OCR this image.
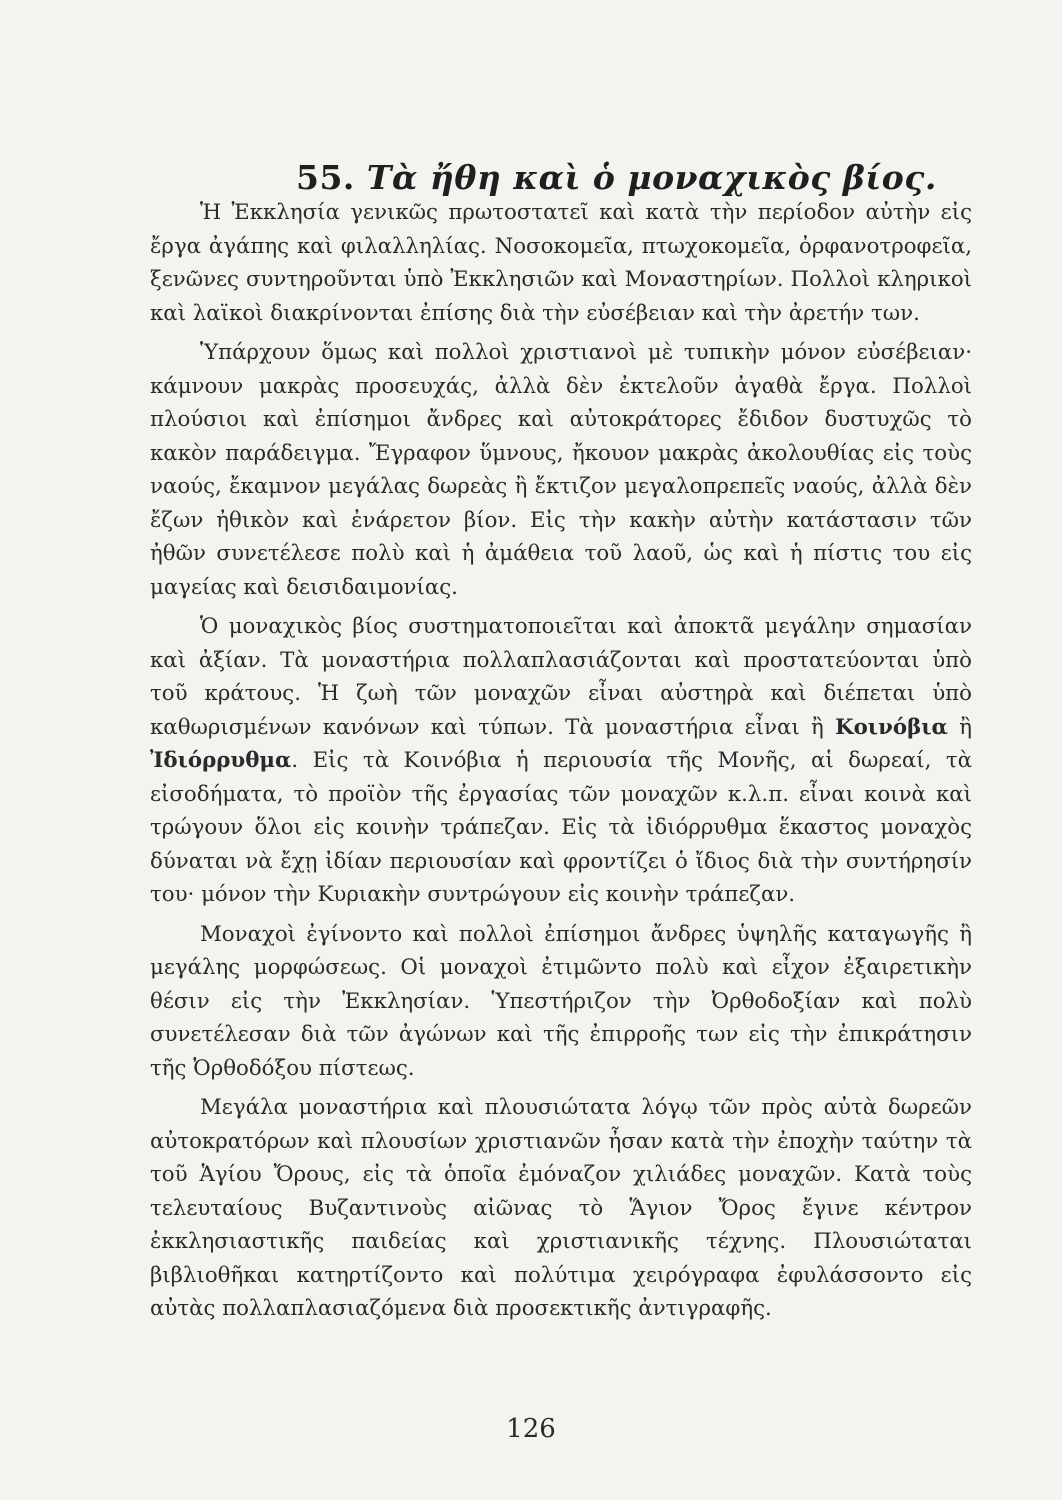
55. Τὰ ἤθη καὶ ὁ μοναχικὸς βίος.

Ἡ Ἐκκλησία γενικῶς πρωτοστατεῖ καὶ κατὰ τὴν περίοδον αὐτὴν εἰς ἔργα ἀγάπης καὶ φιλαλληλίας. Νοσοκομεῖα, πτωχοκομεῖα, ὀρφανοτροφεῖα, ξενῶνες συντηροῦνται ὑπὸ Ἐκκλησιῶν καὶ Μοναστηρίων. Πολλοὶ κληρικοὶ καὶ λαϊκοὶ διακρίνονται ἐπίσης διὰ τὴν εὐσέβειαν καὶ τὴν ἀρετήν των.

Ὑπάρχουν ὅμως καὶ πολλοὶ χριστιανοὶ μὲ τυπικὴν μόνον εὐσέβειαν· κάμνουν μακρὰς προσευχάς, ἀλλὰ δὲν ἐκτελοῦν ἀγαθὰ ἔργα. Πολλοὶ πλούσιοι καὶ ἐπίσημοι ἄνδρες καὶ αὐτοκράτορες ἔδιδον δυστυχῶς τὸ κακὸν παράδειγμα. Ἔγραφον ὕμνους, ἤκουον μακρὰς ἀκολουθίας εἰς τοὺς ναούς, ἔκαμνον μεγάλας δωρεὰς ἢ ἔκτιζον μεγαλοπρεπεῖς ναούς, ἀλλὰ δὲν ἔζων ἠθικὸν καὶ ἐνάρετον βίον. Εἰς τὴν κακὴν αὐτὴν κατάστασιν τῶν ἠθῶν συνετέλεσε πολὺ καὶ ἡ ἀμάθεια τοῦ λαοῦ, ὡς καὶ ἡ πίστις του εἰς μαγείας καὶ δεισιδαιμονίας.

Ὁ μοναχικὸς βίος συστηματοποιεῖται καὶ ἀποκτᾶ μεγάλην σημασίαν καὶ ἀξίαν. Τὰ μοναστήρια πολλαπλασιάζονται καὶ προστατεύονται ὑπὸ τοῦ κράτους. Ἡ ζωὴ τῶν μοναχῶν εἶναι αὐστηρὰ καὶ διέπεται ὑπὸ καθωρισμένων κανόνων καὶ τύπων. Τὰ μοναστήρια εἶναι ἢ Κοινόβια ἢ Ἰδιόρρυθμα. Εἰς τὰ Κοινόβια ἡ περιουσία τῆς Μονῆς, αἱ δωρεαί, τὰ εἰσοδήματα, τὸ προϊὸν τῆς ἐργασίας τῶν μοναχῶν κ.λ.π. εἶναι κοινὰ καὶ τρώγουν ὅλοι εἰς κοινὴν τράπεζαν. Εἰς τὰ ἰδιόρρυθμα ἕκαστος μοναχὸς δύναται νὰ ἔχῃ ἰδίαν περιουσίαν καὶ φροντίζει ὁ ἴδιος διὰ τὴν συντήρησίν του· μόνον τὴν Κυριακὴν συντρώγουν εἰς κοινὴν τράπεζαν.

Μοναχοὶ ἐγίνοντο καὶ πολλοὶ ἐπίσημοι ἄνδρες ὑψηλῆς καταγωγῆς ἢ μεγάλης μορφώσεως. Οἱ μοναχοὶ ἐτιμῶντο πολὺ καὶ εἶχον ἐξαιρετικὴν θέσιν εἰς τὴν Ἐκκλησίαν. Ὑπεστήριζον τὴν Ὀρθοδοξίαν καὶ πολὺ συνετέλεσαν διὰ τῶν ἀγώνων καὶ τῆς ἐπιρροῆς των εἰς τὴν ἐπικράτησιν τῆς Ὀρθοδόξου πίστεως.

Μεγάλα μοναστήρια καὶ πλουσιώτατα λόγῳ τῶν πρὸς αὐτὰ δωρεῶν αὐτοκρατόρων καὶ πλουσίων χριστιανῶν ἦσαν κατὰ τὴν ἐποχὴν ταύτην τὰ τοῦ Ἁγίου Ὄρους, εἰς τὰ ὁποῖα ἐμόναζον χιλιάδες μοναχῶν. Κατὰ τοὺς τελευταίους Βυζαντινοὺς αἰῶνας τὸ Ἅγιον Ὄρος ἔγινε κέντρον ἐκκλησιαστικῆς παιδείας καὶ χριστιανικῆς τέχνης. Πλουσιώταται βιβλιοθῆκαι κατηρτίζοντο καὶ πολύτιμα χειρόγραφα ἐφυλάσσοντο εἰς αὐτὰς πολλαπλασιαζόμενα διὰ προσεκτικῆς ἀντιγραφῆς.

126
